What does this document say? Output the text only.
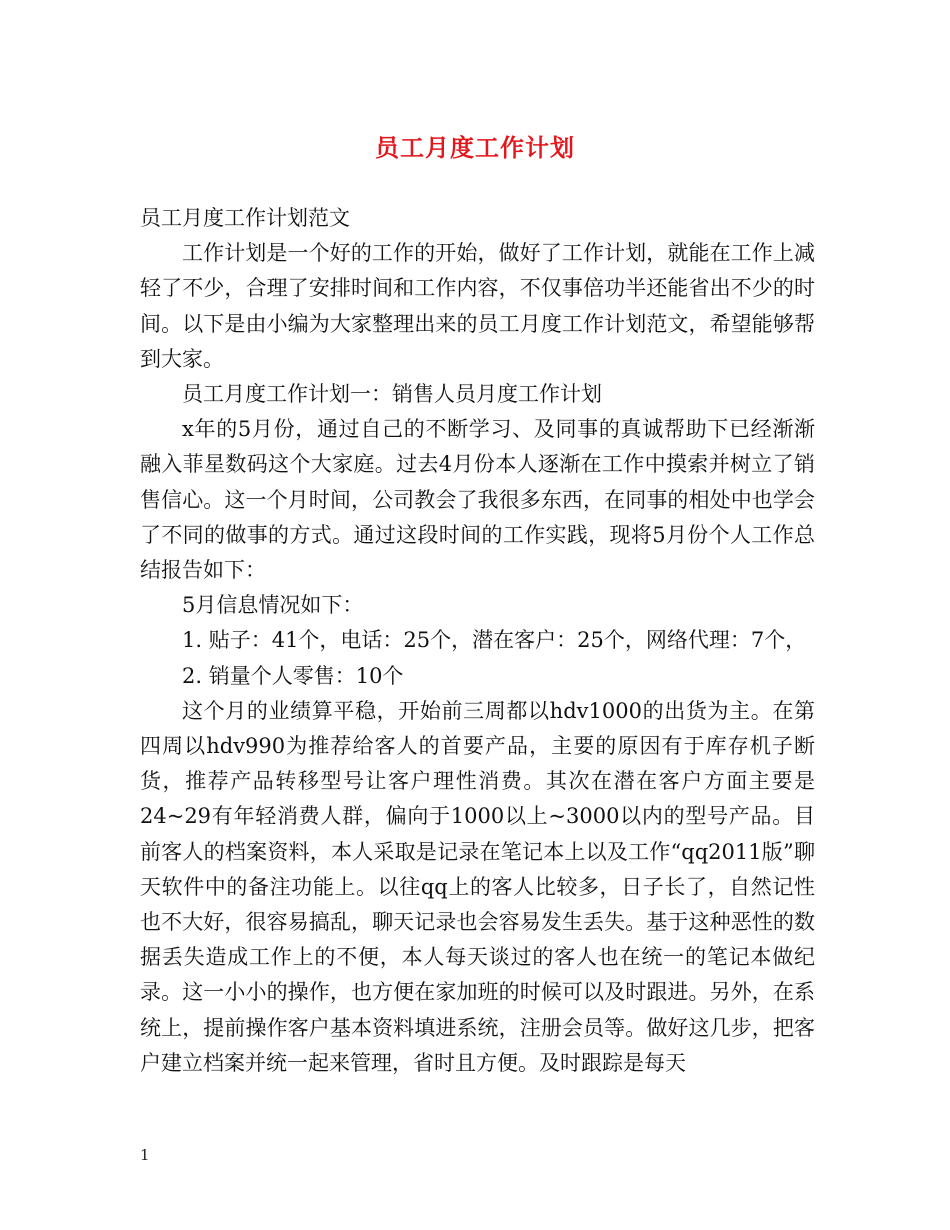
员工月度工作计划

员工月度工作计划范文

工作计划是一个好的工作的开始，做好了工作计划，就能在工作上减轻了不少，合理了安排时间和工作内容，不仅事倍功半还能省出不少的时间。以下是由小编为大家整理出来的员工月度工作计划范文，希望能够帮到大家。

员工月度工作计划一：销售人员月度工作计划

x年的5月份，通过自己的不断学习、及同事的真诚帮助下已经渐渐融入菲星数码这个大家庭。过去4月份本人逐渐在工作中摸索并树立了销售信心。这一个月时间，公司教会了我很多东西，在同事的相处中也学会了不同的做事的方式。通过这段时间的工作实践，现将5月份个人工作总结报告如下：

5月信息情况如下：

1. 贴子：41个，电话：25个，潜在客户：25个，网络代理：7个，

2. 销量个人零售：10个

这个月的业绩算平稳，开始前三周都以hdv1000的出货为主。在第四周以hdv990为推荐给客人的首要产品，主要的原因有于库存机子断货，推荐产品转移型号让客户理性消费。其次在潜在客户方面主要是24~29有年轻消费人群，偏向于1000以上~3000以内的型号产品。目前客人的档案资料，本人采取是记录在笔记本上以及工作“qq2011版”聊天软件中的备注功能上。以往qq上的客人比较多，日子长了，自然记性也不大好，很容易搞乱，聊天记录也会容易发生丢失。基于这种恶性的数据丢失造成工作上的不便，本人每天谈过的客人也在统一的笔记本做纪录。这一小小的操作，也方便在家加班的时候可以及时跟进。另外，在系统上，提前操作客户基本资料填进系统，注册会员等。做好这几步，把客户建立档案并统一起来管理，省时且方便。及时跟踪是每天

1
